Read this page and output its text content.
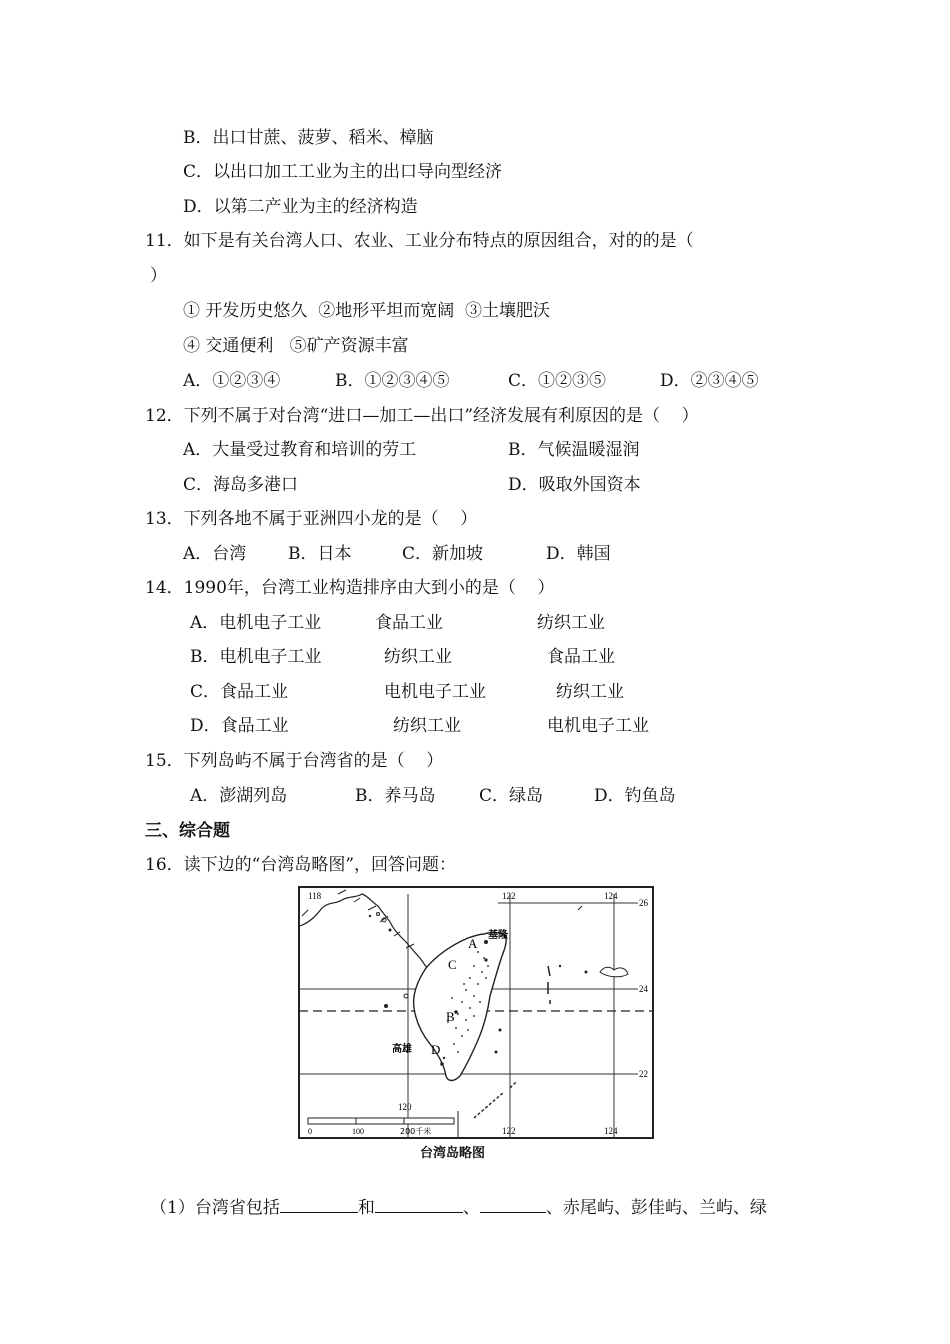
B．出口甘蔗、菠萝、稻米、樟脑
C．以出口加工工业为主的出口导向型经济
D．以第二产业为主的经济构造
11．如下是有关台湾人口、农业、工业分布特点的原因组合，对的的是（
）
① 开发历史悠久  ②地形平坦而宽阔  ③土壤肥沃
④ 交通便利   ⑤矿产资源丰富
A．①②③④	B．①②③④⑤	C．①②③⑤	D．②③④⑤
12．下列不属于对台湾“进口—加工—出口”经济发展有利原因的是（    ）
A．大量受过教育和培训的劳工	B．气候温暖湿润
C．海岛多港口	D．吸取外国资本
13．下列各地不属于亚洲四小龙的是（    ）
A．台湾 B．日本	C．新加坡	D．韩国
14．1990年，台湾工业构造排序由大到小的是（    ）
A．电机电子工业	食品工业	纺织工业
B．电机电子工业	纺织工业	食品工业
C．食品工业	电机电子工业	纺织工业
D．食品工业	纺织工业	电机电子工业
15．下列岛屿不属于台湾省的是（    ）
A．澎湖列岛	B．养马岛	C．绿岛	D．钓鱼岛
三、综合题
16．读下边的“台湾岛略图”，回答问题：
118
120
122	124
122	124
26
24
22
A
B
C
D
基隆
高雄
0	100	200千米
台湾岛略图
（1）台湾省包括	和	、	、赤尾屿、彭佳屿、兰屿、绿
